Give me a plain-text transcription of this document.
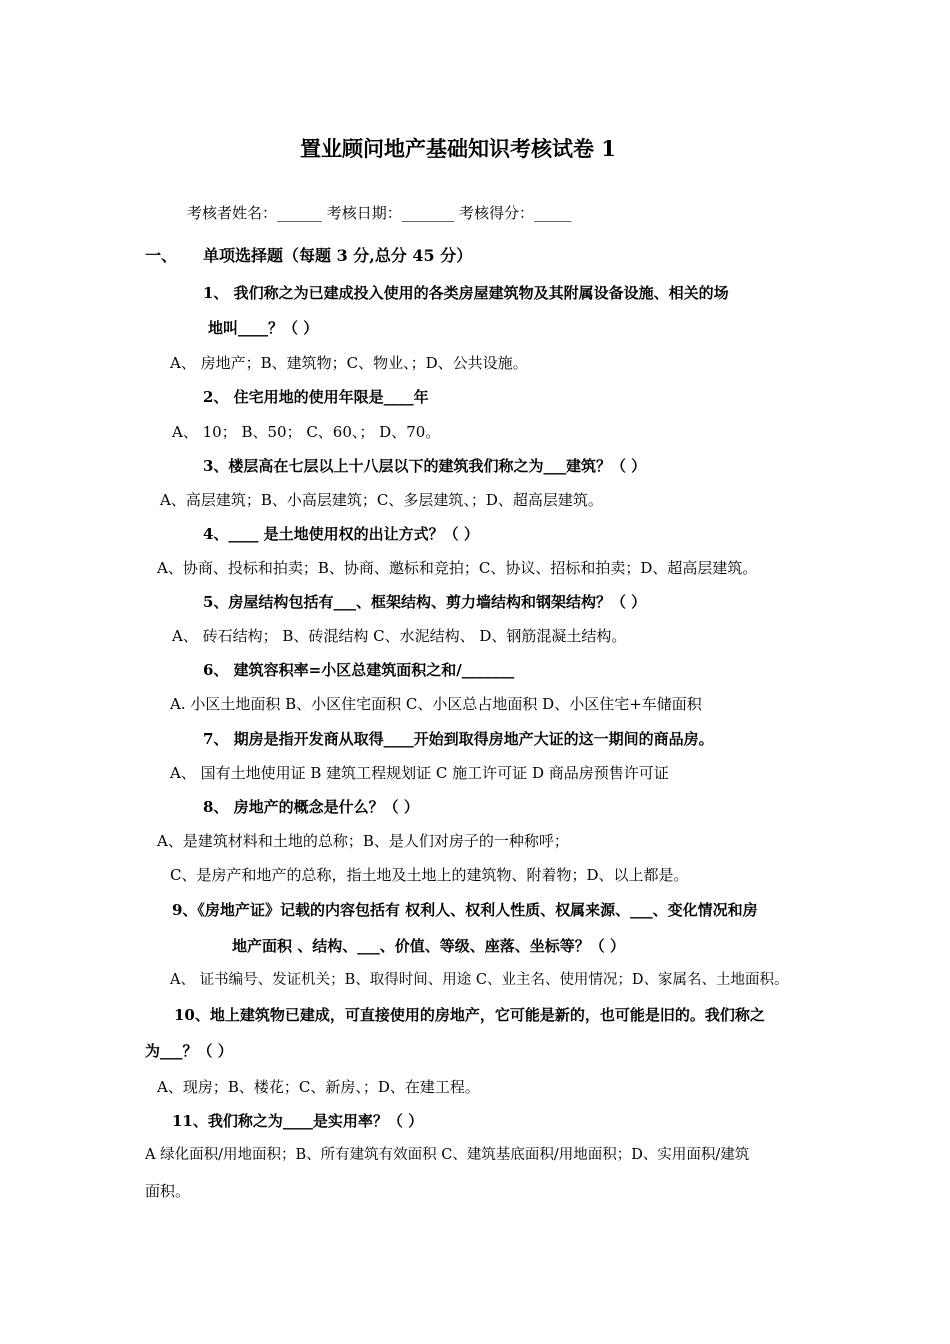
置业顾问地产基础知识考核试卷 1
考核者姓名：______ 考核日期：_______ 考核得分：_____
一、 单项选择题（每题 3 分,总分 45 分）
1、 我们称之为已建成投入使用的各类房屋建筑物及其附属设备设施、相关的场
地叫____？（ ）
A、 房地产；B、建筑物；C、物业、；D、公共设施。
2、 住宅用地的使用年限是____年
A、 10； B、50； C、60、； D、70。
3、楼层高在七层以上十八层以下的建筑我们称之为___建筑？（ ）
A、高层建筑；B、小高层建筑；C、多层建筑、；D、超高层建筑。
4、____ 是土地使用权的出让方式？（ ）
A、协商、投标和拍卖；B、协商、邀标和竞拍；C、协议、招标和拍卖；D、超高层建筑。
5、房屋结构包括有___、框架结构、剪力墙结构和钢架结构？（ ）
A、 砖石结构； B、砖混结构 C、水泥结构、 D、钢筋混凝土结构。
6、 建筑容积率=小区总建筑面积之和/_______
A. 小区土地面积 B、小区住宅面积 C、小区总占地面积 D、小区住宅+车储面积
7、 期房是指开发商从取得____开始到取得房地产大证的这一期间的商品房。
A、 国有土地使用证 B 建筑工程规划证 C 施工许可证 D 商品房预售许可证
8、 房地产的概念是什么？（ ）
A、是建筑材料和土地的总称；B、是人们对房子的一种称呼；
C、是房产和地产的总称，指土地及土地上的建筑物、附着物；D、以上都是。
9、《房地产证》记载的内容包括有 权利人、权利人性质、权属来源、___、变化情况和房
地产面积 、结构、___、价值、等级、座落、坐标等？（ ）
A、 证书编号、发证机关；B、取得时间、用途 C、业主名、使用情况；D、家属名、土地面积。
10、地上建筑物已建成，可直接使用的房地产，它可能是新的，也可能是旧的。我们称之
为___？（ ）
A、现房；B、楼花；C、新房、；D、在建工程。
11、我们称之为____是实用率？（ ）
A 绿化面积/用地面积；B、所有建筑有效面积 C、建筑基底面积/用地面积；D、实用面积/建筑
面积。
